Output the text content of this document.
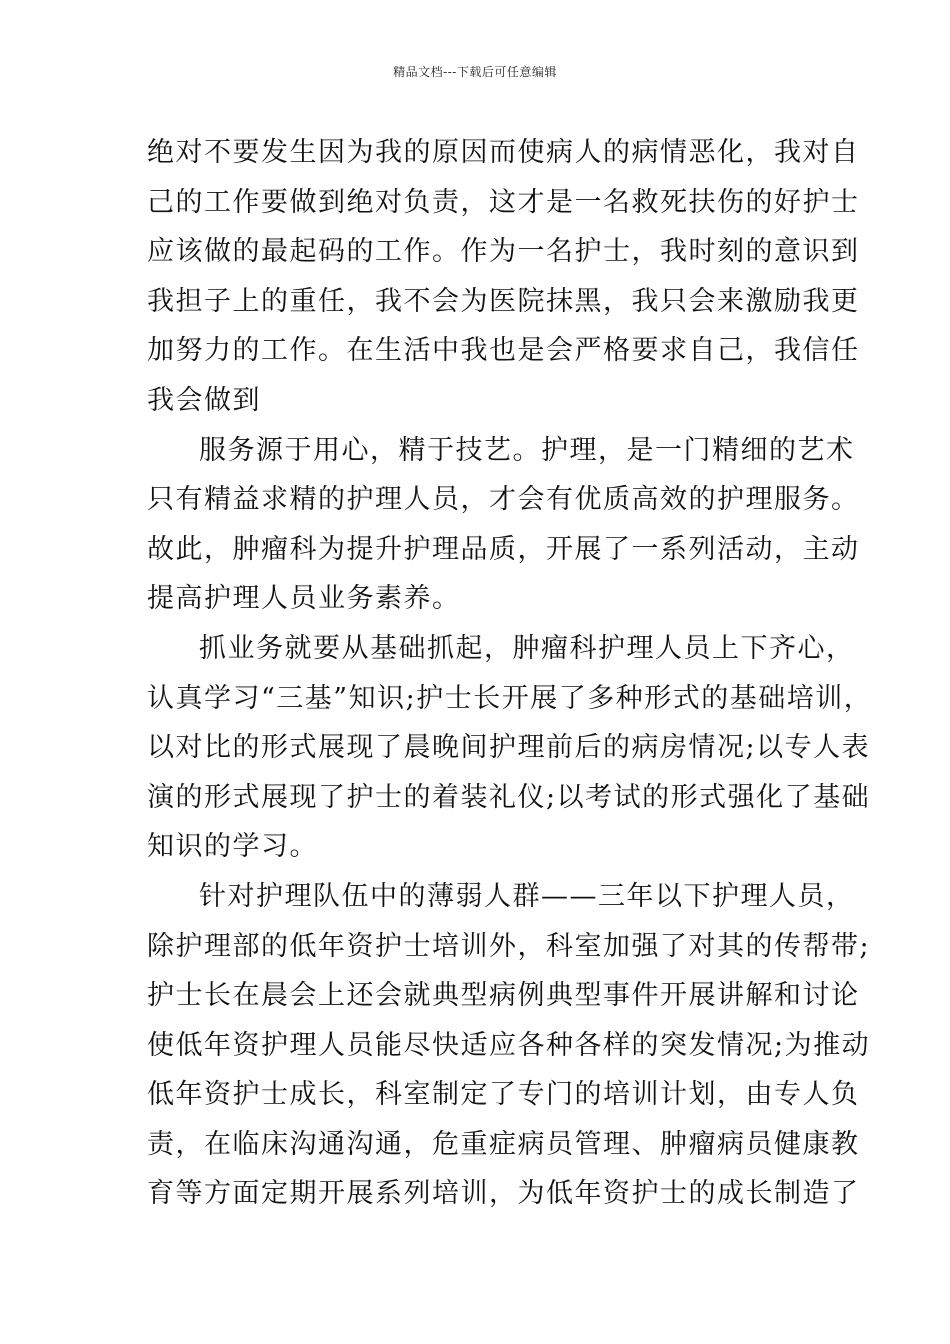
精品文档---下载后可任意编辑
绝对不要发生因为我的原因而使病人的病情恶化，我对自
己的工作要做到绝对负责，这才是一名救死扶伤的好护士
应该做的最起码的工作。作为一名护士，我时刻的意识到
我担子上的重任，我不会为医院抹黑，我只会来激励我更
加努力的工作。在生活中我也是会严格要求自己，我信任
我会做到
服务源于用心，精于技艺。护理，是一门精细的艺术
只有精益求精的护理人员，才会有优质高效的护理服务。
故此，肿瘤科为提升护理品质，开展了一系列活动，主动
提高护理人员业务素养。
抓业务就要从基础抓起，肿瘤科护理人员上下齐心，
认真学习“三基”知识;护士长开展了多种形式的基础培训，
以对比的形式展现了晨晚间护理前后的病房情况;以专人表
演的形式展现了护士的着装礼仪;以考试的形式强化了基础
知识的学习。
针对护理队伍中的薄弱人群——三年以下护理人员，
除护理部的低年资护士培训外，科室加强了对其的传帮带;
护士长在晨会上还会就典型病例典型事件开展讲解和讨论
使低年资护理人员能尽快适应各种各样的突发情况;为推动
低年资护士成长，科室制定了专门的培训计划，由专人负
责，在临床沟通沟通，危重症病员管理、肿瘤病员健康教
育等方面定期开展系列培训，为低年资护士的成长制造了
